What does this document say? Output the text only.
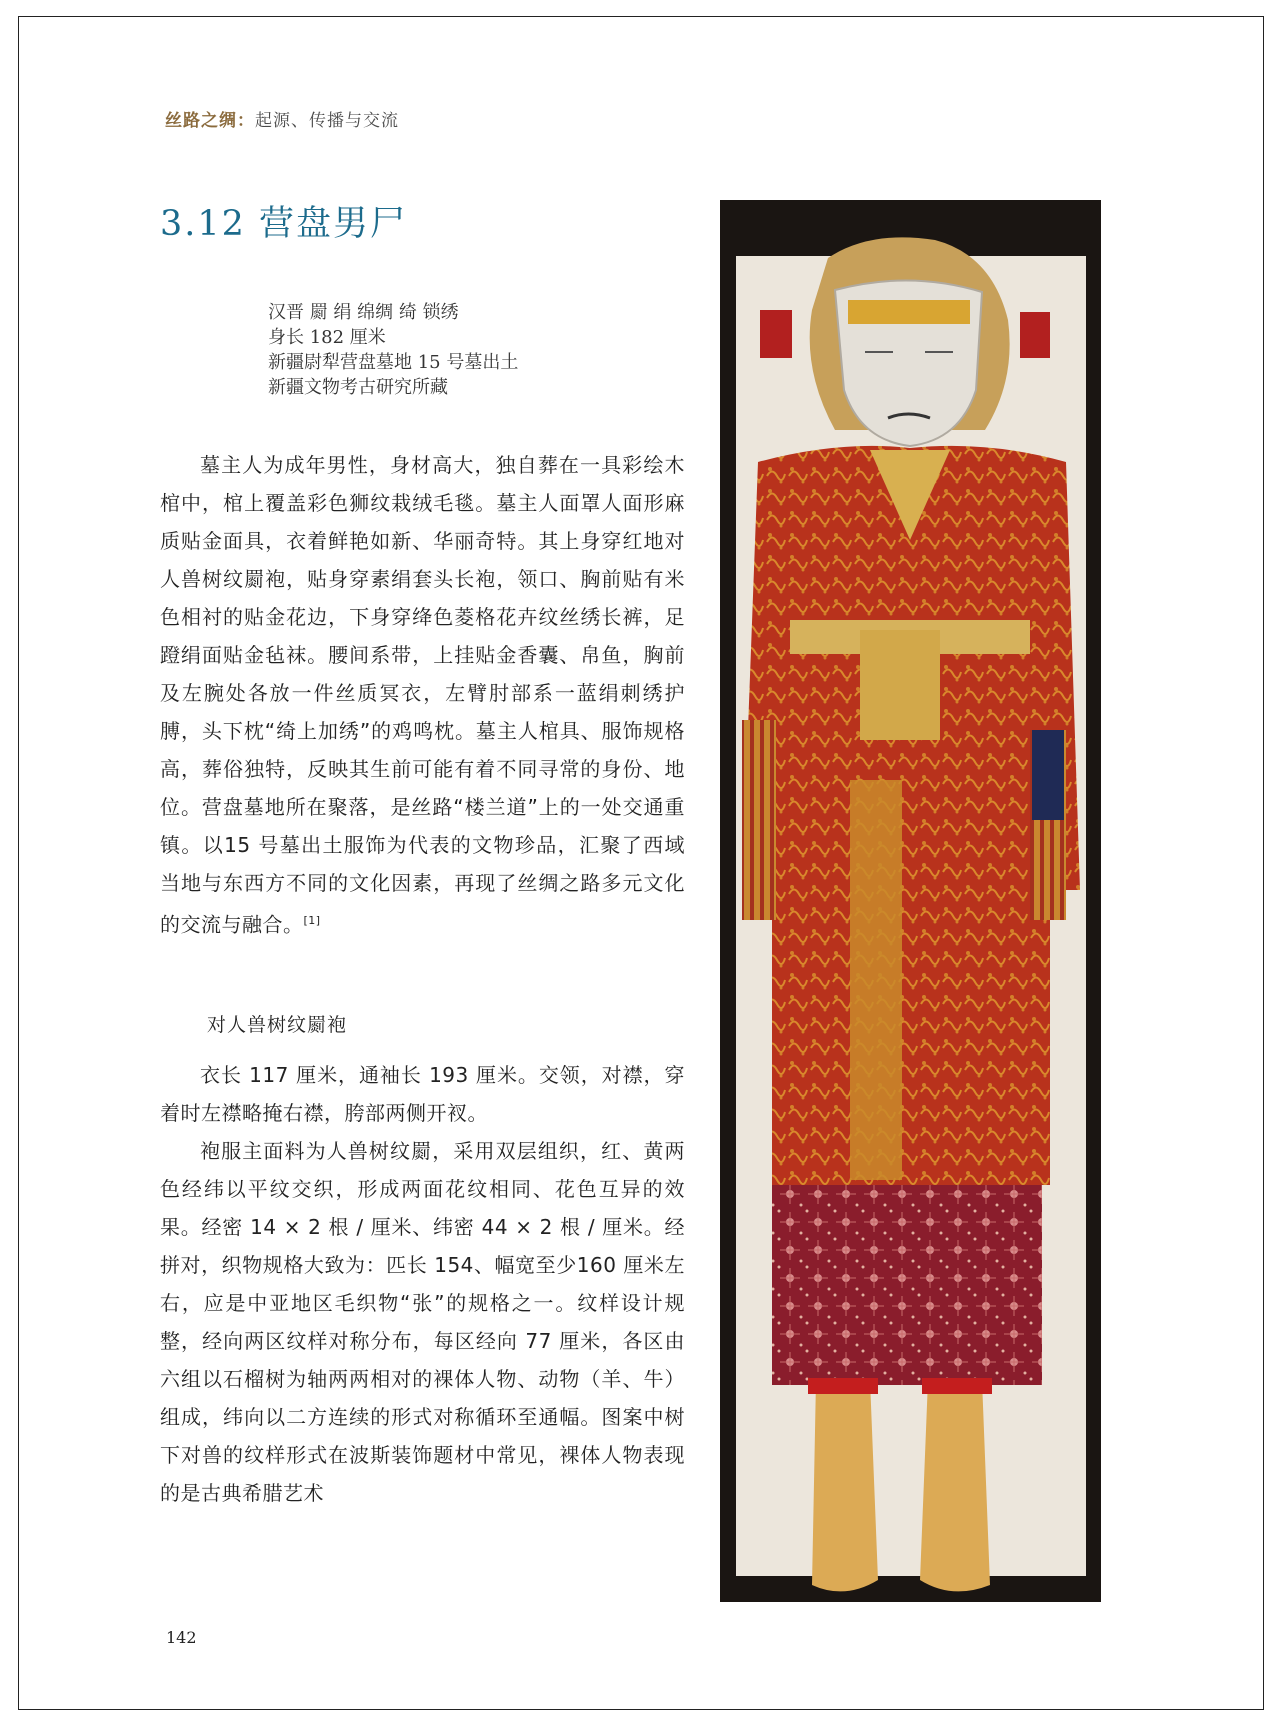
丝路之绸：起源、传播与交流
3.12 营盘男尸
汉晋 罽 绢 绵绸 绮 锁绣
身长 182 厘米
新疆尉犁营盘墓地 15 号墓出土
新疆文物考古研究所藏

墓主人为成年男性，身材高大，独自葬在一具彩绘木棺中，棺上覆盖彩色狮纹栽绒毛毯。墓主人面罩人面形麻质贴金面具，衣着鲜艳如新、华丽奇特。其上身穿红地对人兽树纹罽袍，贴身穿素绢套头长袍，领口、胸前贴有米色相衬的贴金花边，下身穿绛色菱格花卉纹丝绣长裤，足蹬绢面贴金毡袜。腰间系带，上挂贴金香囊、帛鱼，胸前及左腕处各放一件丝质冥衣，左臂肘部系一蓝绢刺绣护膊，头下枕“绮上加绣”的鸡鸣枕。墓主人棺具、服饰规格高，葬俗独特，反映其生前可能有着不同寻常的身份、地位。营盘墓地所在聚落，是丝路“楼兰道”上的一处交通重镇。以15 号墓出土服饰为代表的文物珍品，汇聚了西域当地与东西方不同的文化因素，再现了丝绸之路多元文化的交流与融合。[1]

对人兽树纹罽袍

衣长 117 厘米，通袖长 193 厘米。交领，对襟，穿着时左襟略掩右襟，胯部两侧开衩。

袍服主面料为人兽树纹罽，采用双层组织，红、黄两色经纬以平纹交织，形成两面花纹相同、花色互异的效果。经密 14 × 2 根 / 厘米、纬密 44 × 2 根 / 厘米。经拼对，织物规格大致为：匹长 154、幅宽至少160 厘米左右，应是中亚地区毛织物“张”的规格之一。纹样设计规整，经向两区纹样对称分布，每区经向 77 厘米，各区由六组以石榴树为轴两两相对的裸体人物、动物（羊、牛）组成，纬向以二方连续的形式对称循环至通幅。图案中树下对兽的纹样形式在波斯装饰题材中常见，裸体人物表现的是古典希腊艺术

142
